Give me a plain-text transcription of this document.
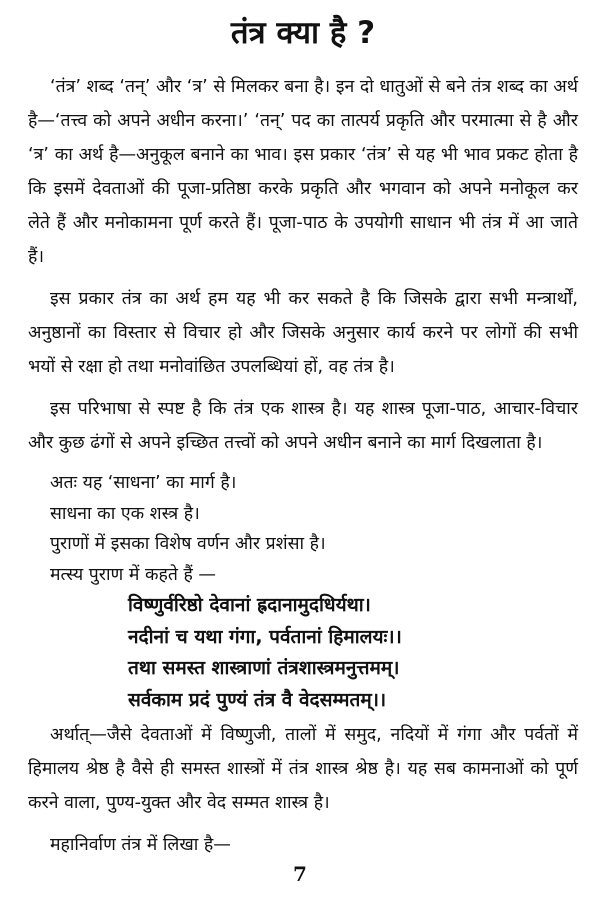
तंत्र क्या है ?

‘तंत्र’ शब्द ‘तन्’ और ‘त्र’ से मिलकर बना है। इन दो धातुओं से बने तंत्र शब्द का अर्थ है—‘तत्त्व को अपने अधीन करना।’ ‘तन्’ पद का तात्पर्य प्रकृति और परमात्मा से है और ‘त्र’ का अर्थ है—अनुकूल बनाने का भाव। इस प्रकार ‘तंत्र’ से यह भी भाव प्रकट होता है कि इसमें देवताओं की पूजा-प्रतिष्ठा करके प्रकृति और भगवान को अपने मनोकूल कर लेते हैं और मनोकामना पूर्ण करते हैं। पूजा-पाठ के उपयोगी साधान भी तंत्र में आ जाते हैं।

इस प्रकार तंत्र का अर्थ हम यह भी कर सकते है कि जिसके द्वारा सभी मन्त्रार्थों, अनुष्ठानों का विस्तार से विचार हो और जिसके अनुसार कार्य करने पर लोगों की सभी भयों से रक्षा हो तथा मनोवांछित उपलब्धियां हों, वह तंत्र है।

इस परिभाषा से स्पष्ट है कि तंत्र एक शास्त्र है। यह शास्त्र पूजा-पाठ, आचार-विचार और कुछ ढंगों से अपने इच्छित तत्त्वों को अपने अधीन बनाने का मार्ग दिखलाता है।

अतः यह ‘साधना’ का मार्ग है।
साधना का एक शस्त्र है।
पुराणों में इसका विशेष वर्णन और प्रशंसा है।
मत्स्य पुराण में कहते हैं —
विष्णुर्वरिष्ठो देवानां ह्रदानामुदधिर्यथा।
नदीनां च यथा गंगा, पर्वतानां हिमालयः।।
तथा समस्त शास्त्राणां तंत्रशास्त्रमनुत्तमम्।
सर्वकाम प्रदं पुण्यं तंत्र वै वेदसम्मतम्।।

अर्थात्—जैसे देवताओं में विष्णुजी, तालों में समुद, नदियों में गंगा और पर्वतों में हिमालय श्रेष्ठ है वैसे ही समस्त शास्त्रों में तंत्र शास्त्र श्रेष्ठ है। यह सब कामनाओं को पूर्ण करने वाला, पुण्य-युक्त और वेद सम्मत शास्त्र है।

महानिर्वाण तंत्र में लिखा है—

7
